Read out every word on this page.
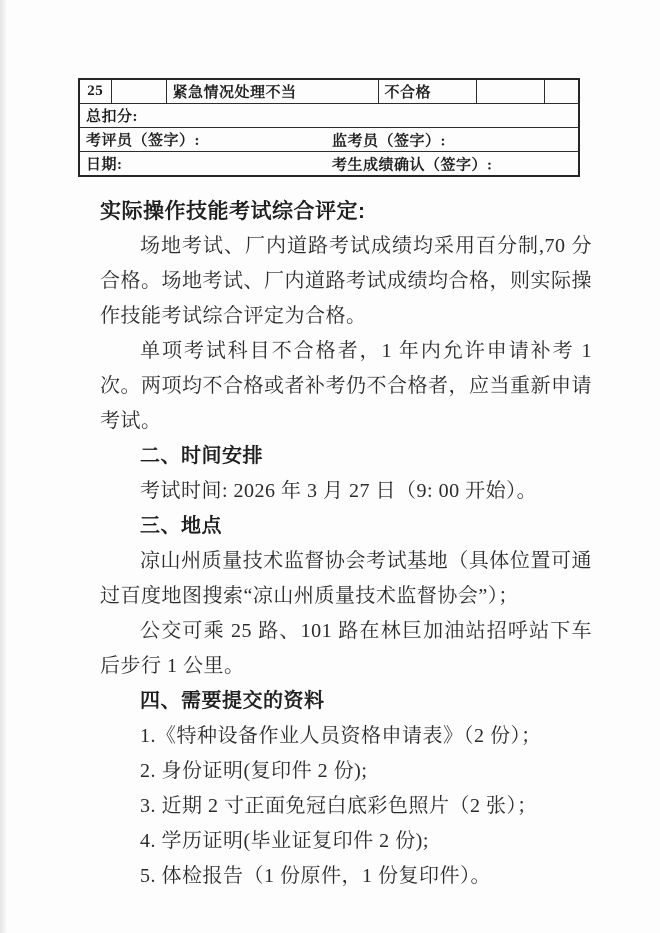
25		紧急情况处理不当	不合格		
总扣分:
考评员（签字）:	监考员（签字）:

日期:	考生成绩确认（签字）:
实际操作技能考试综合评定:
场地考试、厂内道路考试成绩均采用百分制,70 分合格。场地考试、厂内道路考试成绩均合格，则实际操作技能考试综合评定为合格。
单项考试科目不合格者，1 年内允许申请补考 1 次。两项均不合格或者补考仍不合格者，应当重新申请考试。
二、时间安排
考试时间: 2026 年 3 月 27 日（9: 00 开始）。
三、地点
凉山州质量技术监督协会考试基地（具体位置可通过百度地图搜索“凉山州质量技术监督协会”）；
公交可乘 25 路、101 路在林巨加油站招呼站下车后步行 1 公里。
四、需要提交的资料
1.《特种设备作业人员资格申请表》（2 份）；
2. 身份证明(复印件 2 份);
3. 近期 2 寸正面免冠白底彩色照片（2 张）；
4. 学历证明(毕业证复印件 2 份);
5. 体检报告（1 份原件，1 份复印件）。
